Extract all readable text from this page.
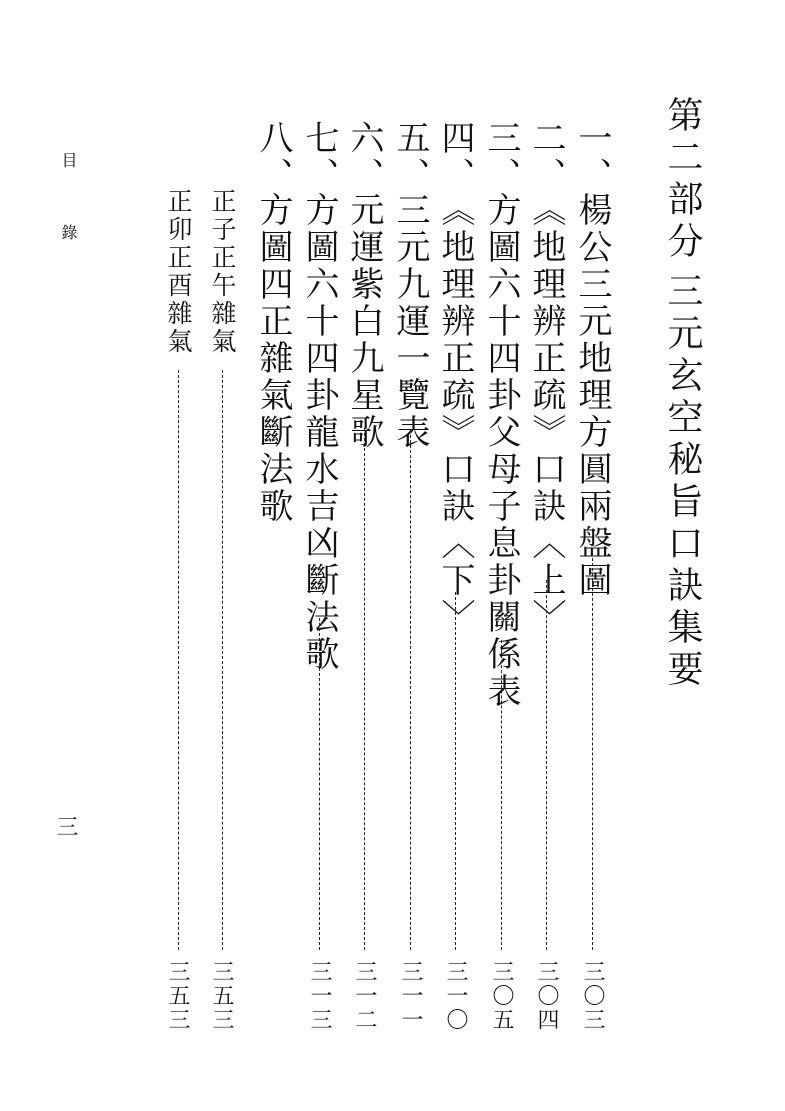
目　錄
三
第二部分
三元玄空秘旨口訣集要
一、
楊公三元地理方圓兩盤圖
三〇三
二、
《地理辨正疏》口訣〈上〉
三〇四
三、
方圖六十四卦父母子息卦關係表
三〇五
四、
《地理辨正疏》口訣〈下〉
三一〇
五、
三元九運一覽表
三一一
六、
元運紫白九星歌
三一二
七、
方圖六十四卦龍水吉凶斷法歌
三一三
八、
方圖四正雜氣斷法歌
正子正午雜氣
三五三
正卯正酉雜氣
三五三
